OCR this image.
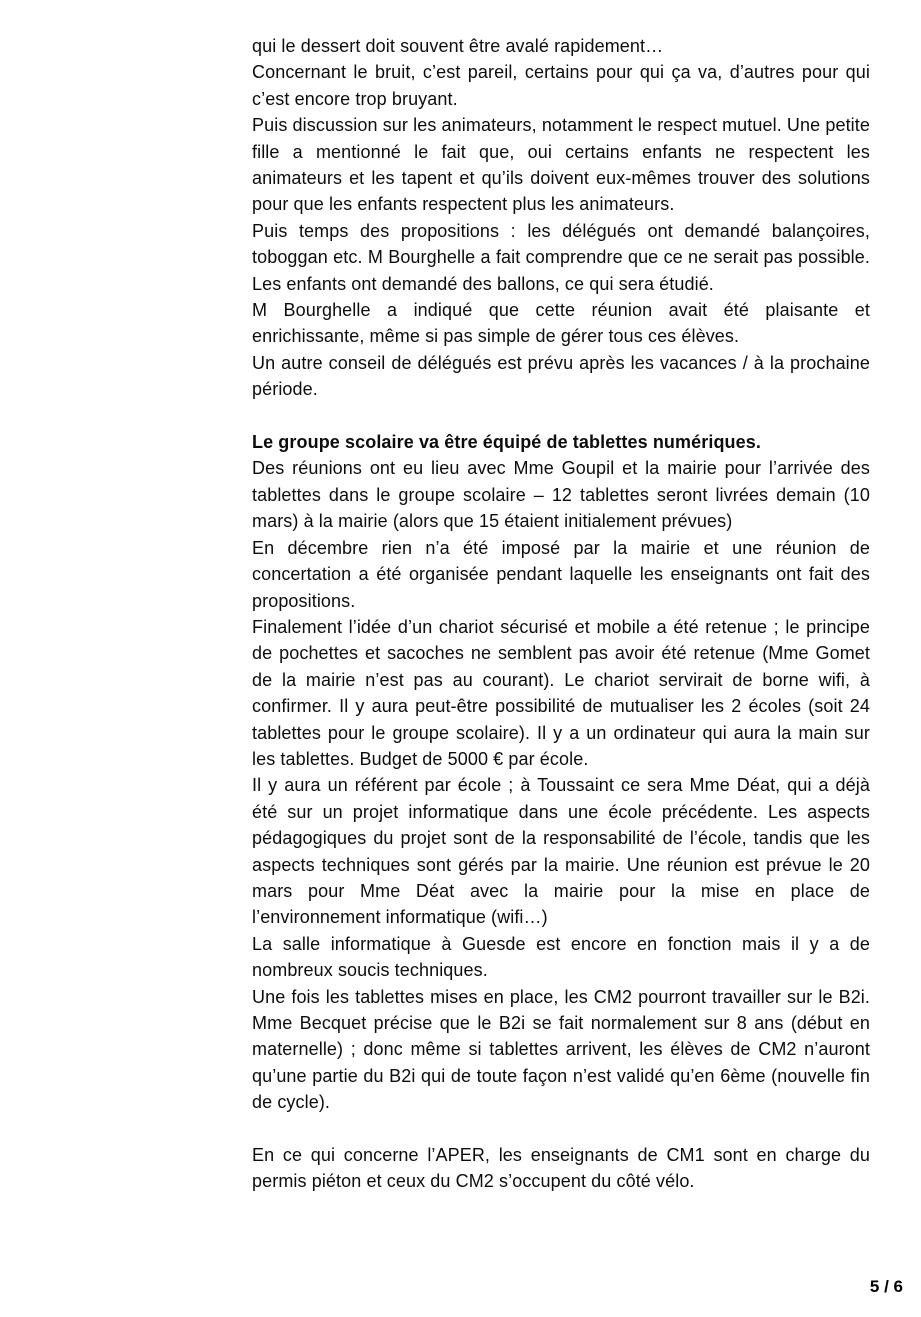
qui le dessert doit souvent être avalé rapidement…

Concernant le bruit, c’est pareil, certains pour qui ça va, d’autres pour qui c’est encore trop bruyant.

Puis discussion sur les animateurs, notamment le respect mutuel. Une petite fille a mentionné le fait que, oui certains enfants ne respectent les animateurs et les tapent et qu’ils doivent eux-mêmes trouver des solutions pour que les enfants respectent plus les animateurs.

Puis temps des propositions : les délégués ont demandé balançoires, toboggan etc. M Bourghelle a fait comprendre que ce ne serait pas possible. Les enfants ont demandé des ballons, ce qui sera étudié.

M Bourghelle a indiqué que cette réunion avait été plaisante et enrichissante, même si pas simple de gérer tous ces élèves.

Un autre conseil de délégués est prévu après les vacances / à la prochaine période.

Le groupe scolaire va être équipé de tablettes numériques.

Des réunions ont eu lieu avec Mme Goupil et la mairie pour l’arrivée des tablettes dans le groupe scolaire – 12 tablettes seront livrées demain (10 mars) à la mairie (alors que 15 étaient initialement prévues)

En décembre rien n’a été imposé par la mairie et une réunion de concertation a été organisée pendant laquelle les enseignants ont fait des propositions.

Finalement l’idée d’un chariot sécurisé et mobile a été retenue ; le principe de pochettes et sacoches ne semblent pas avoir été retenue (Mme Gomet de la mairie n’est pas au courant). Le chariot servirait de borne wifi, à confirmer. Il y aura peut-être possibilité de mutualiser les 2 écoles (soit 24 tablettes pour le groupe scolaire). Il y a un ordinateur qui aura la main sur les tablettes. Budget de 5000 € par école.

Il y aura un référent par école ; à Toussaint ce sera Mme Déat, qui a déjà été sur un projet informatique dans une école précédente. Les aspects pédagogiques du projet sont de la responsabilité de l’école, tandis que les aspects techniques sont gérés par la mairie. Une réunion est prévue le 20 mars pour Mme Déat avec la mairie pour la mise en place de l’environnement informatique (wifi…)

La salle informatique à Guesde est encore en fonction mais il y a de nombreux soucis techniques.

Une fois les tablettes mises en place, les CM2 pourront travailler sur le B2i. Mme Becquet précise que le B2i se fait normalement sur 8 ans (début en maternelle) ; donc même si tablettes arrivent, les élèves de CM2 n’auront qu’une partie du B2i qui de toute façon n’est validé qu’en 6ème (nouvelle fin de cycle).

En ce qui concerne l’APER, les enseignants de CM1 sont en charge du permis piéton et ceux du CM2 s’occupent du côté vélo.

5 / 6
